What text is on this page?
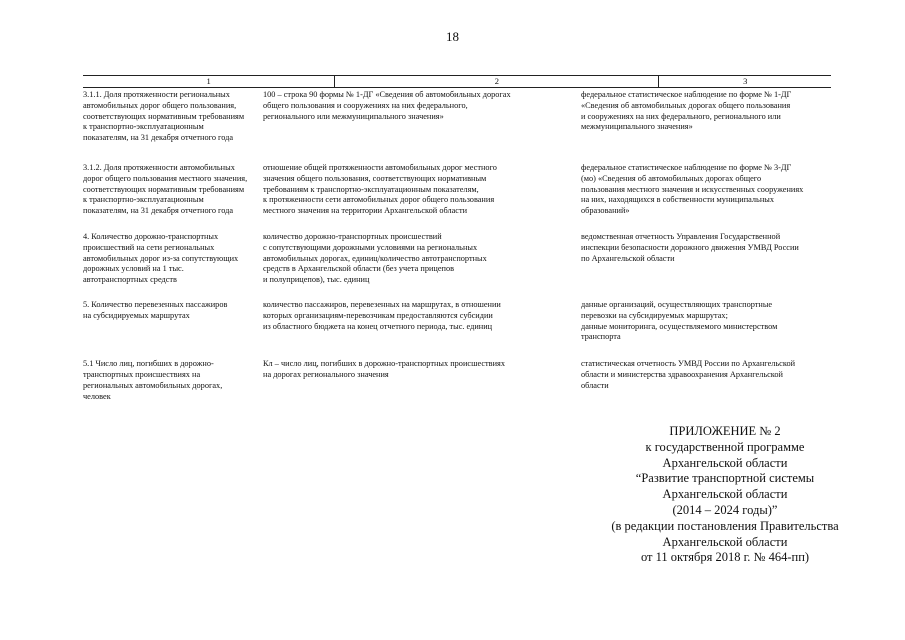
18
1	2	3
3.1.1. Доля протяженности региональных
автомобильных дорог общего пользования,
соответствующих нормативным требованиям
к транспортно-эксплуатационным
показателям, на 31 декабря отчетного года
100 – строка 90 формы № 1-ДГ «Сведения об автомобильных дорогах
общего пользования и сооружениях на них федерального,
регионального или межмуниципального значения»
федеральное статистическое наблюдение по форме № 1-ДГ
«Сведения об автомобильных дорогах общего пользования
и сооружениях на них федерального, регионального или
межмуниципального значения»
3.1.2. Доля протяженности автомобильных
дорог общего пользования местного значения,
соответствующих нормативным требованиям
к транспортно-эксплуатационным
показателям, на 31 декабря отчетного года
отношение общей протяженности автомобильных дорог местного
значения общего пользования, соответствующих нормативным
требованиям к транспортно-эксплуатационным показателям,
к протяженности сети автомобильных дорог общего пользования
местного значения на территории Архангельской области
федеральное статистическое наблюдение по форме № 3-ДГ
(мо) «Сведения об автомобильных дорогах общего
пользования местного значения и искусственных сооружениях
на них, находящихся в собственности муниципальных
образований»
4. Количество дорожно-транспортных
происшествий на сети региональных
автомобильных дорог из-за сопутствующих
дорожных условий на 1 тыс.
автотранспортных средств
количество дорожно-транспортных происшествий
с сопутствующими дорожными условиями на региональных
автомобильных дорогах, единиц/количество автотранспортных
средств в Архангельской области (без учета прицепов
и полуприцепов), тыс. единиц
ведомственная отчетность Управления Государственной
инспекции безопасности дорожного движения УМВД России
по Архангельской области
5. Количество перевезенных пассажиров
на субсидируемых маршрутах
количество пассажиров, перевезенных на маршрутах, в отношении
которых организациям-перевозчикам предоставляются субсидии
из областного бюджета на конец отчетного периода, тыс. единиц
данные организаций, осуществляющих транспортные
перевозки на субсидируемых маршрутах;
данные мониторинга, осуществляемого министерством
транспорта
5.1 Число лиц, погибших в дорожно-
транспортных происшествиях на
региональных автомобильных дорогах,
человек
Кл – число лиц, погибших в дорожно-транспортных происшествиях
на дорогах регионального значения
статистическая отчетность УМВД России по Архангельской
области и министерства здравоохранения Архангельской
области
ПРИЛОЖЕНИЕ № 2
к государственной программе
Архангельской области
“Развитие транспортной системы
Архангельской области
(2014 – 2024 годы)”
(в редакции постановления Правительства
Архангельской области
от 11 октября 2018 г. № 464-пп)
